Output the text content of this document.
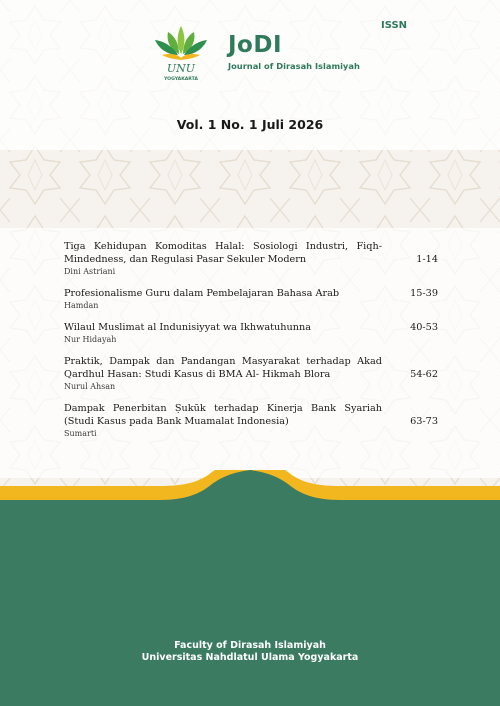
UNU
YOGYAKARTA
JoDI
Journal of Dirasah Islamiyah
ISSN
Vol. 1 No. 1 Juli 2026
Tiga Kehidupan Komoditas Halal: Sosiologi Industri, Fiqh-Mindedness, dan Regulasi Pasar Sekuler Modern	1-14
Dini Astriani
Profesionalisme Guru dalam Pembelajaran Bahasa Arab	15-39
Hamdan
Wilaul Muslimat al Indunisiyyat wa Ikhwatuhunna	40-53
Nur Hidayah
Praktik, Dampak dan Pandangan Masyarakat terhadap Akad Qardhul Hasan: Studi Kasus di BMA Al- Hikmah Blora	54-62
Nurul Ahsan
Dampak Penerbitan Ṣukūk terhadap Kinerja Bank Syariah (Studi Kasus pada Bank Muamalat Indonesia)	63-73
Sumarti
Faculty of Dirasah Islamiyah
Universitas Nahdlatul Ulama Yogyakarta
